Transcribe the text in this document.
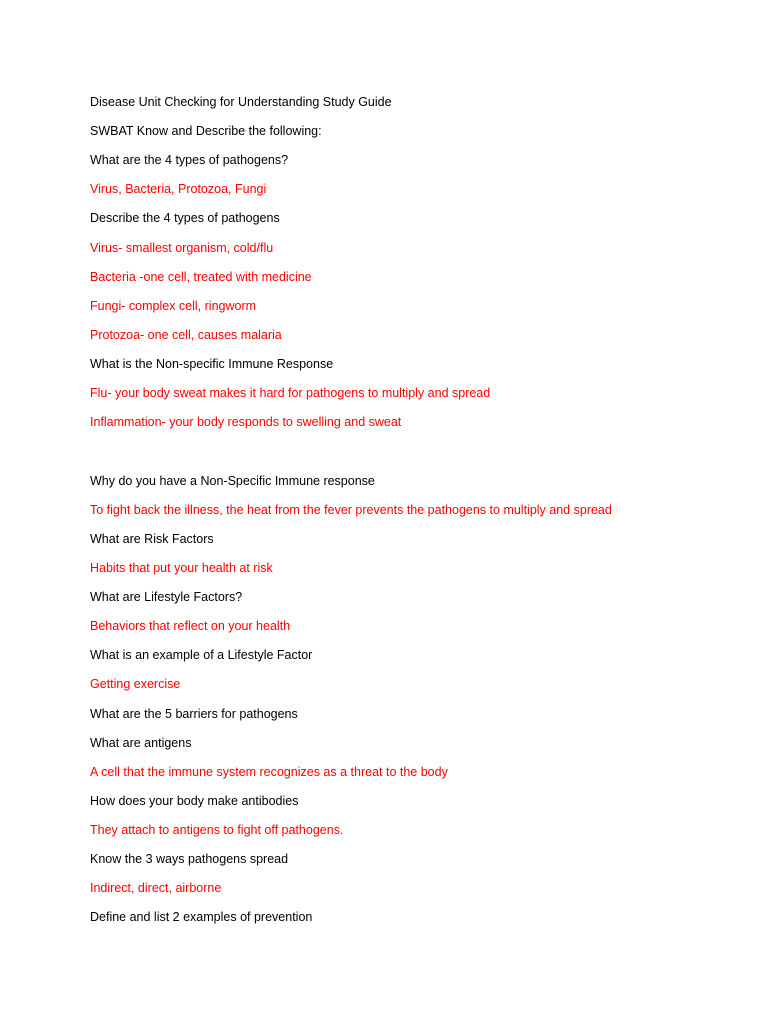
Disease Unit Checking for Understanding Study Guide
SWBAT Know and Describe the following:
What are the 4 types of pathogens?
Virus, Bacteria, Protozoa, Fungi
Describe the 4 types of pathogens
Virus- smallest organism, cold/flu
Bacteria -one cell, treated with medicine
Fungi- complex cell, ringworm
Protozoa- one cell, causes malaria
What is the Non-specific Immune Response
Flu- your body sweat makes it hard for pathogens to multiply and spread
Inflammation- your body responds to swelling and sweat
Why do you have a Non-Specific Immune response
To fight back the illness, the heat from the fever prevents the pathogens to multiply and spread
What are Risk Factors
Habits that put your health at risk
What are Lifestyle Factors?
Behaviors that reflect on your health
What is an example of a Lifestyle Factor
Getting exercise
What are the 5 barriers for pathogens
What are antigens
A cell that the immune system recognizes as a threat to the body
How does your body make antibodies
They attach to antigens to fight off pathogens.
Know the 3 ways pathogens spread
Indirect, direct, airborne
Define and list 2 examples of prevention
